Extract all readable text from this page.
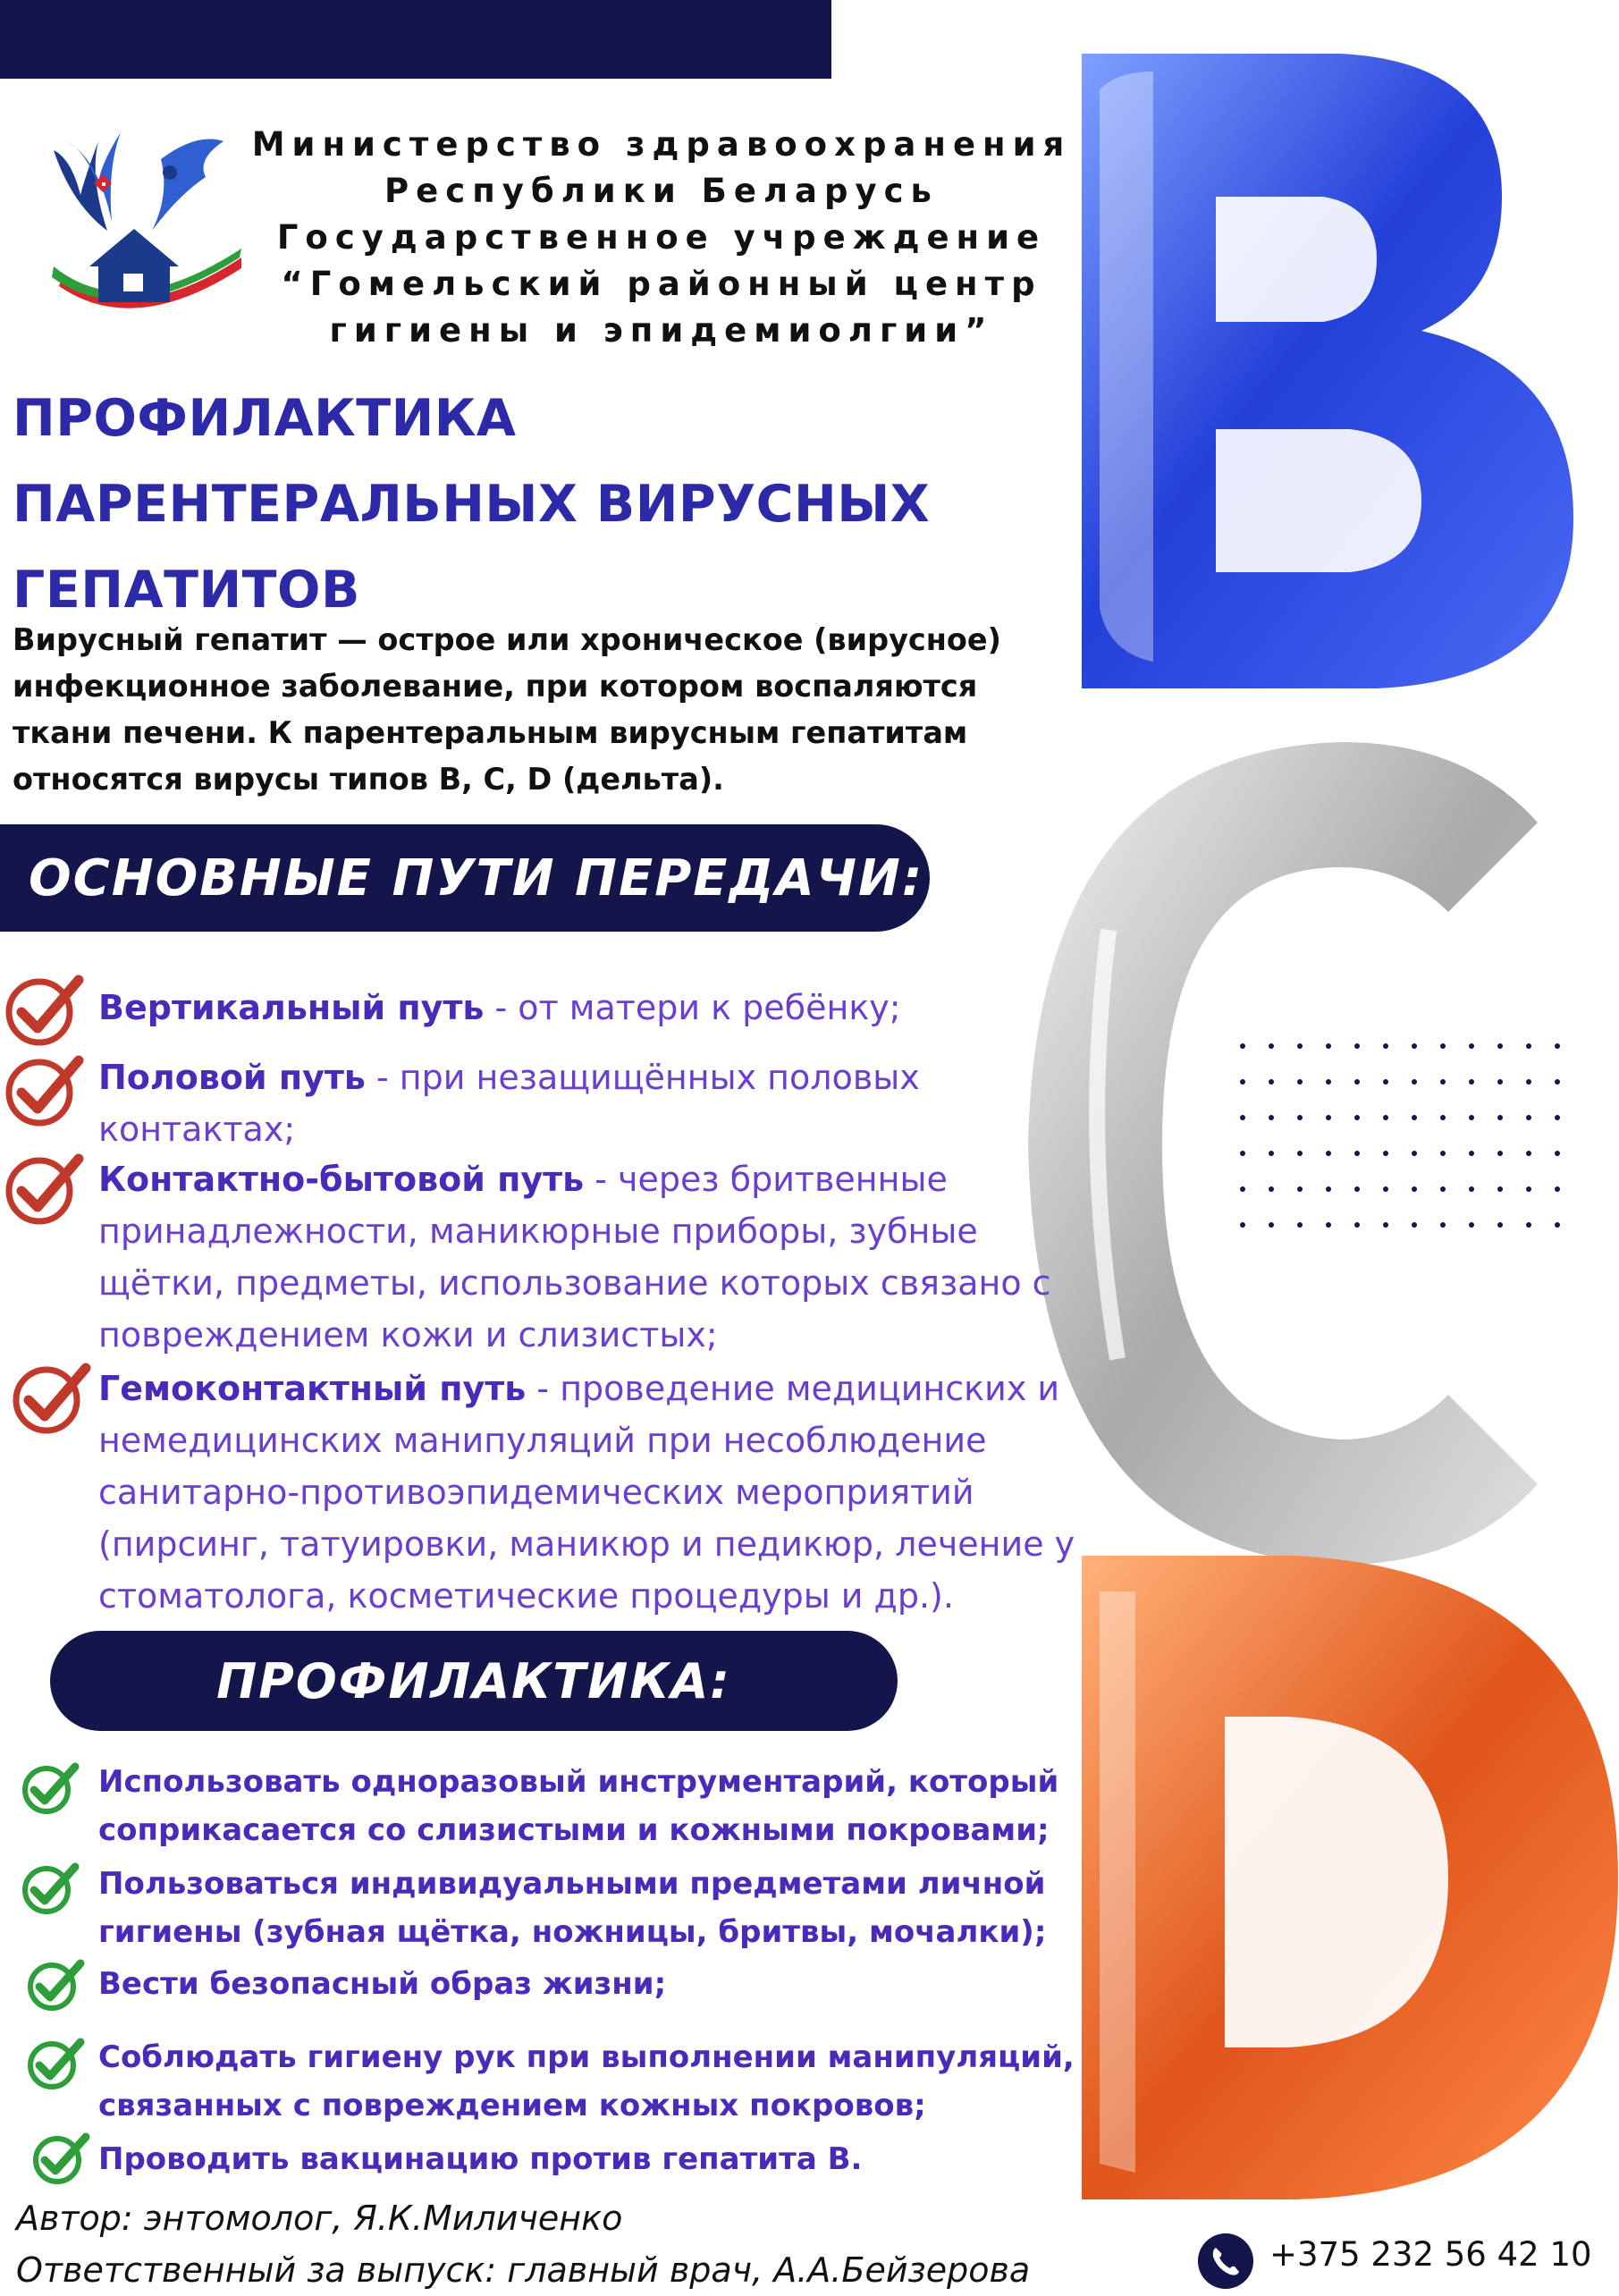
Министерство здравоохранения
Республики Беларусь
Государственное учреждение
“Гомельский районный центр
гигиены и эпидемиолгии”
ПРОФИЛАКТИКА
ПАРЕНТЕРАЛЬНЫХ ВИРУСНЫХ
ГЕПАТИТОВ
Вирусный гепатит — острое или хроническое (вирусное)
инфекционное заболевание, при котором воспаляются
ткани печени. К парентеральным вирусным гепатитам
относятся вирусы типов В, С, D (дельта).
ОСНОВНЫЕ ПУТИ ПЕРЕДАЧИ:
Вертикальный путь - от матери к ребёнку;
Половой путь - при незащищённых половых
контактах;
Контактно-бытовой путь - через бритвенные
принадлежности, маникюрные приборы, зубные
щётки, предметы, использование которых связано с
повреждением кожи и слизистых;
Гемоконтактный путь - проведение медицинских и
немедицинских манипуляций при несоблюдение
санитарно-противоэпидемических мероприятий
(пирсинг, татуировки, маникюр и педикюр, лечение у
стоматолога, косметические процедуры и др.).
ПРОФИЛАКТИКА:
Использовать одноразовый инструментарий, который
соприкасается со слизистыми и кожными покровами;
Пользоваться индивидуальными предметами личной
гигиены (зубная щётка, ножницы, бритвы, мочалки);
Вести безопасный образ жизни;
Соблюдать гигиену рук при выполнении манипуляций,
связанных с повреждением кожных покровов;
Проводить вакцинацию против гепатита В.
Автор: энтомолог, Я.К.Миличенко
Ответственный за выпуск: главный врач, А.А.Бейзерова	+375 232 56 42 10
